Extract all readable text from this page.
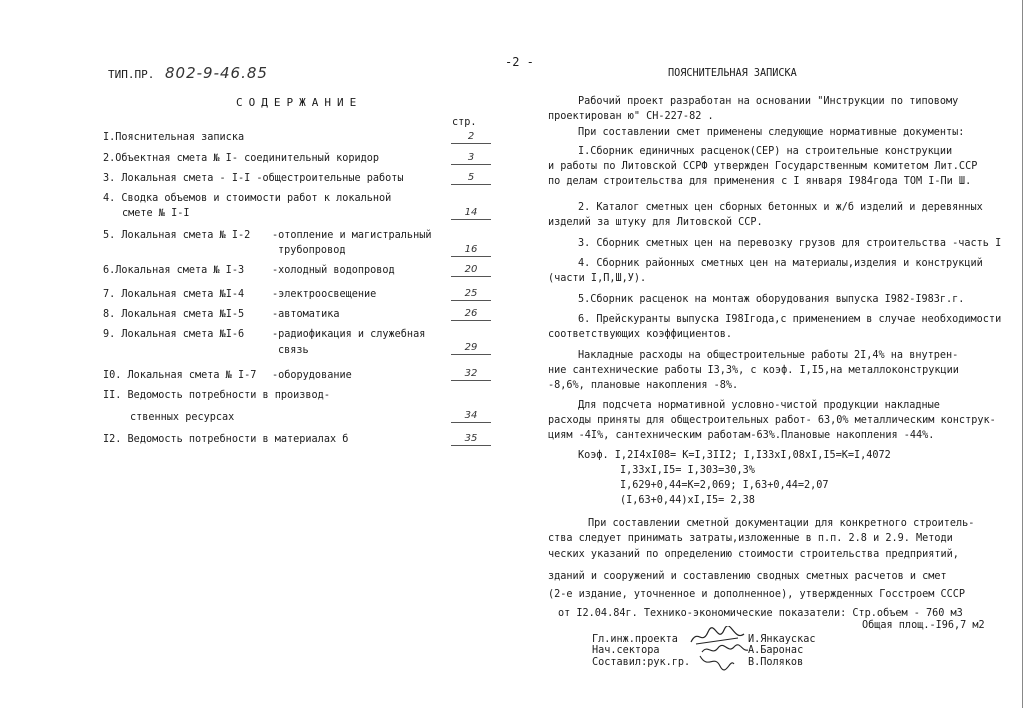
ТИП.ПР. 802-9-46.85
-2 -
СОДЕРЖАНИЕ
стр.
I.Пояснительная записка	2
2.Объектная смета № I- соединительный коридор	3
3. Локальная смета - I-I -общестроительные работы	5
4. Сводка объемов и стоимости работ к локальной
смете № I-I	14
5. Локальная смета № I-2 -отопление и магистральный
трубопровод	16
6.Локальная смета № I-3	-холодный водопровод	20
7. Локальная смета №I-4	-электроосвещение	25
8. Локальная смета №I-5	-автоматика	26
9. Локальная смета №I-6	-радиофикация и служебная
связь	29
I0. Локальная смета № I-7 -оборудование	32
II. Ведомость потребности в производ-
ственных ресурсах	34
I2. Ведомость потребности в материалах б	35
ПОЯСНИТЕЛЬНАЯ ЗАПИСКА
Рабочий проект разработан на основании "Инструкции по типовому
проектирован ю" СН-227-82 .
При составлении смет применены следующие нормативные документы:
I.Сборник единичных расценок(СЕР) на строительные конструкции
и работы по Литовской ССРФ утвержден Государственным комитетом Лит.ССР
по делам строительства для применения с I января I984года ТОМ I-Пи Ш.
2. Каталог сметных цен сборных бетонных и ж/б изделий и деревянных
изделий за штуку для Литовской ССР.
3. Сборник сметных цен на перевозку грузов для строительства -часть I
4. Сборник районных сметных цен на материалы,изделия и конструкций
(части I,П,Ш,У).
5.Сборник расценок на монтаж оборудования выпуска I982-I983г.г.
6. Прейскуранты выпуска I98Iгода,с применением в случае необходимости
соответствующих коэффициентов.
Накладные расходы на общестроительные работы 2I,4% на внутрен-
ние сантехнические работы I3,3%, с коэф. I,I5,на металлоконструкции
-8,6%, плановые накопления -8%.
Для подсчета нормативной условно-чистой продукции накладные
расходы приняты для общестроительных работ- 63,0% металлическим конструк-
циям -4I%, сантехническим работам-63%.Плановые накопления -44%.
Коэф. I,2I4хI08= К=I,3II2; I,I33хI,08хI,I5=К=I,4072
I,33хI,I5= I,303=30,3%
I,629+0,44=К=2,069; I,63+0,44=2,07
(I,63+0,44)хI,I5= 2,38
При составлении сметной документации для конкретного строитель-
ства следует принимать затраты,изложенные в п.п. 2.8 и 2.9. Методи
ческих указаний по определению стоимости строительства предприятий,
зданий и сооружений и составлению сводных сметных расчетов и смет
(2-е издание, уточненное и дополненное), утвержденных Госстроем СССР
от I2.04.84г. Технико-экономические показатели: Стр.объем - 760 м3
Общая площ.-I96,7 м2
Гл.инж.проекта	И.Янкаускас
Нач.сектора	А.Баронас
Составил:рук.гр.	В.Поляков
